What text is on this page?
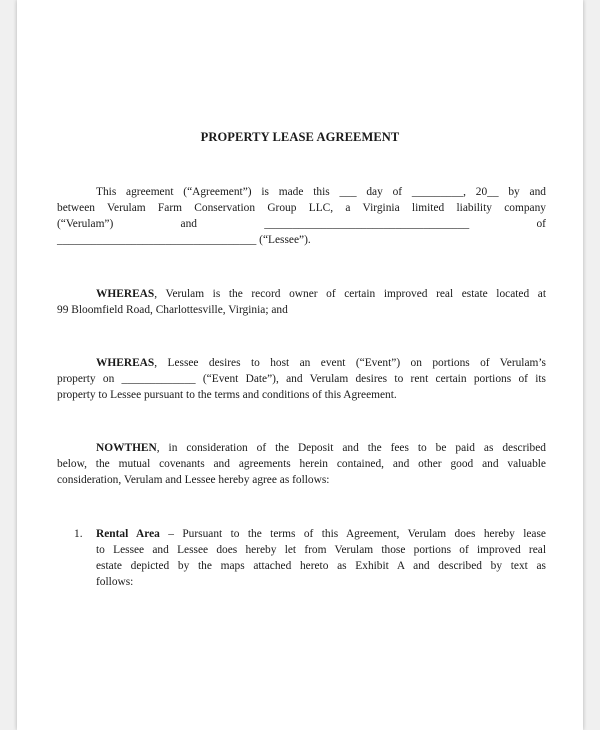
PROPERTY LEASE AGREEMENT
This agreement (“Agreement”) is made this ___ day of _________, 20__ by and
between Verulam Farm Conservation Group LLC, a Virginia limited liability company
(“Verulam”)	and	____________________________________	of
___________________________________ (“Lessee”).
WHEREAS, Verulam is the record owner of certain improved real estate located at
99 Bloomfield Road, Charlottesville, Virginia; and
WHEREAS, Lessee desires to host an event (“Event”) on portions of Verulam’s
property on _____________ (“Event Date”), and Verulam desires to rent certain portions of its
property to Lessee pursuant to the terms and conditions of this Agreement.
NOWTHEN, in consideration of the Deposit and the fees to be paid as described
below, the mutual covenants and agreements herein contained, and other good and valuable
consideration, Verulam and Lessee hereby agree as follows:
1. Rental Area – Pursuant to the terms of this Agreement, Verulam does hereby lease
to Lessee and Lessee does hereby let from Verulam those portions of improved real
estate depicted by the maps attached hereto as Exhibit A and described by text as
follows:
